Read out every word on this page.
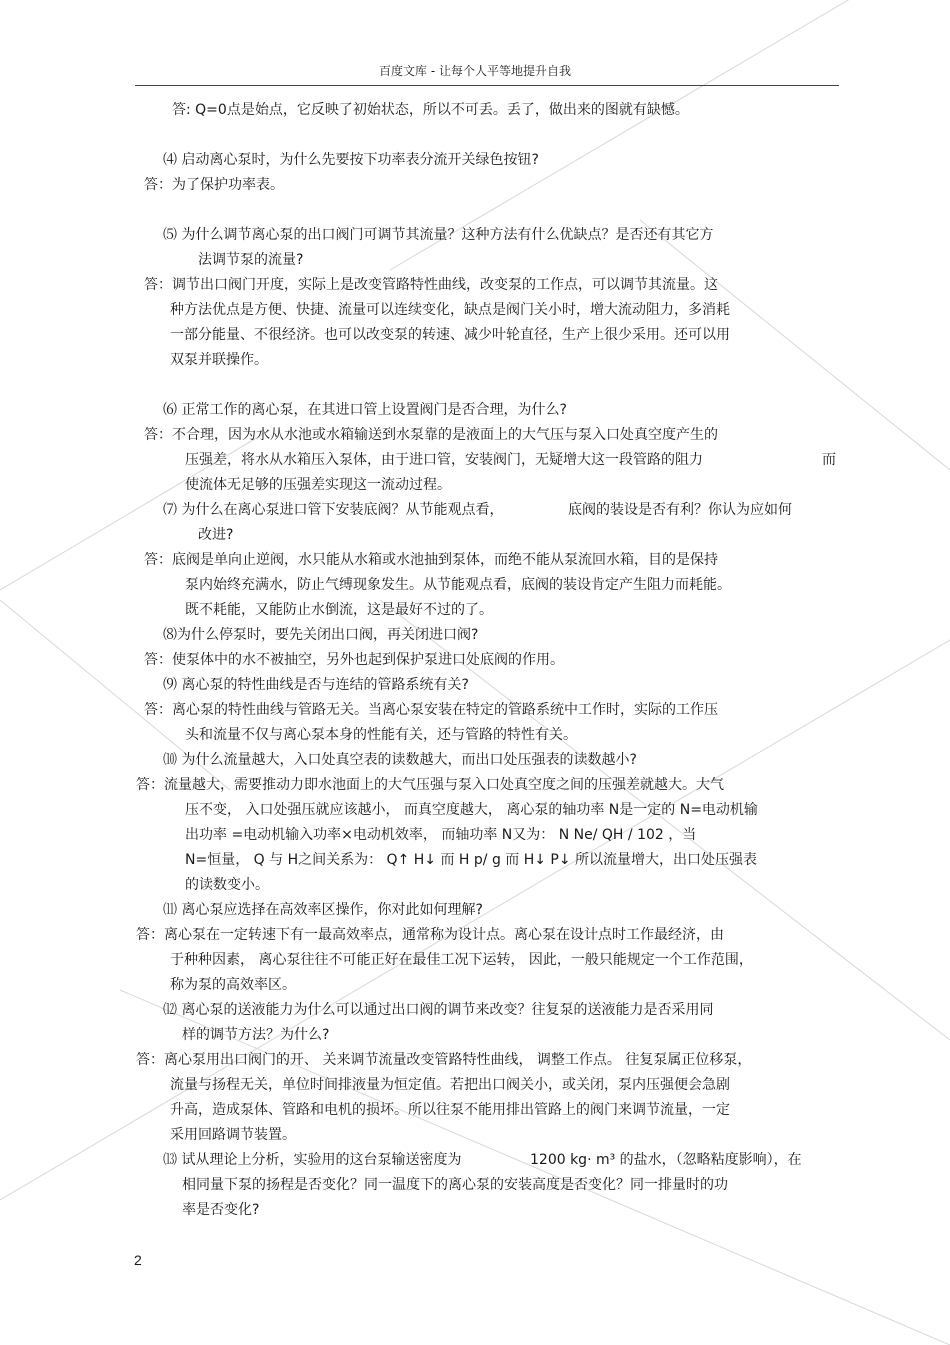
百度文库 - 让每个人平等地提升自我
答: Q=0点是始点，它反映了初始状态，所以不可丢。丢了，做出来的图就有缺憾。
⑷ 启动离心泵时，为什么先要按下功率表分流开关绿色按钮?
答：为了保护功率表。
⑸ 为什么调节离心泵的出口阀门可调节其流量？这种方法有什么优缺点？是否还有其它方
法调节泵的流量?
答：调节出口阀门开度，实际上是改变管路特性曲线，改变泵的工作点，可以调节其流量。这
种方法优点是方便、快捷、流量可以连续变化，缺点是阀门关小时，增大流动阻力，多消耗
一部分能量、不很经济。也可以改变泵的转速、减少叶轮直径，生产上很少采用。还可以用
双泵并联操作。
⑹ 正常工作的离心泵，在其进口管上设置阀门是否合理，为什么?
答：不合理，因为水从水池或水箱输送到水泵靠的是液面上的大气压与泵入口处真空度产生的
压强差，将水从水箱压入泵体，由于进口管，安装阀门，无疑增大这一段管路的阻力	而
使流体无足够的压强差实现这一流动过程。
⑺ 为什么在离心泵进口管下安装底阀？从节能观点看，	底阀的装设是否有利？你认为应如何
改进?
答：底阀是单向止逆阀，水只能从水箱或水池抽到泵体，而绝不能从泵流回水箱，目的是保持
泵内始终充满水，防止气缚现象发生。从节能观点看，底阀的装设肯定产生阻力而耗能。
既不耗能，又能防止水倒流，这是最好不过的了。
⑻为什么停泵时，要先关闭出口阀，再关闭进口阀?
答：使泵体中的水不被抽空，另外也起到保护泵进口处底阀的作用。
⑼ 离心泵的特性曲线是否与连结的管路系统有关?
答：离心泵的特性曲线与管路无关。当离心泵安装在特定的管路系统中工作时，实际的工作压
头和流量不仅与离心泵本身的性能有关，还与管路的特性有关。
⑽ 为什么流量越大，入口处真空表的读数越大，而出口处压强表的读数越小?
答：流量越大，需要推动力即水池面上的大气压强与泵入口处真空度之间的压强差就越大。大气
压不变， 入口处强压就应该越小， 而真空度越大， 离心泵的轴功率 N是一定的 N=电动机输
出功率 =电动机输入功率×电动机效率， 而轴功率 N又为： N Ne/ QH / 102 ，当
N=恒量， Q 与 H之间关系为： Q↑ H↓ 而 H p/ g 而 H↓ P↓ 所以流量增大，出口处压强表
的读数变小。
⑾ 离心泵应选择在高效率区操作，你对此如何理解?
答：离心泵在一定转速下有一最高效率点，通常称为设计点。离心泵在设计点时工作最经济，由
于种种因素， 离心泵往往不可能正好在最佳工况下运转， 因此，一般只能规定一个工作范围，
称为泵的高效率区。
⑿ 离心泵的送液能力为什么可以通过出口阀的调节来改变？往复泵的送液能力是否采用同
样的调节方法？为什么?
答：离心泵用出口阀门的开、 关来调节流量改变管路特性曲线， 调整工作点。 往复泵属正位移泵，
流量与扬程无关，单位时间排液量为恒定值。若把出口阀关小，或关闭，泵内压强便会急剧
升高，造成泵体、管路和电机的损坏。所以往泵不能用排出管路上的阀门来调节流量，一定
采用回路调节装置。
⒀ 试从理论上分析，实验用的这台泵输送密度为	1200 kg· m³ 的盐水，（忽略粘度影响），在
相同量下泵的扬程是否变化？同一温度下的离心泵的安装高度是否变化？同一排量时的功
率是否变化?
2
